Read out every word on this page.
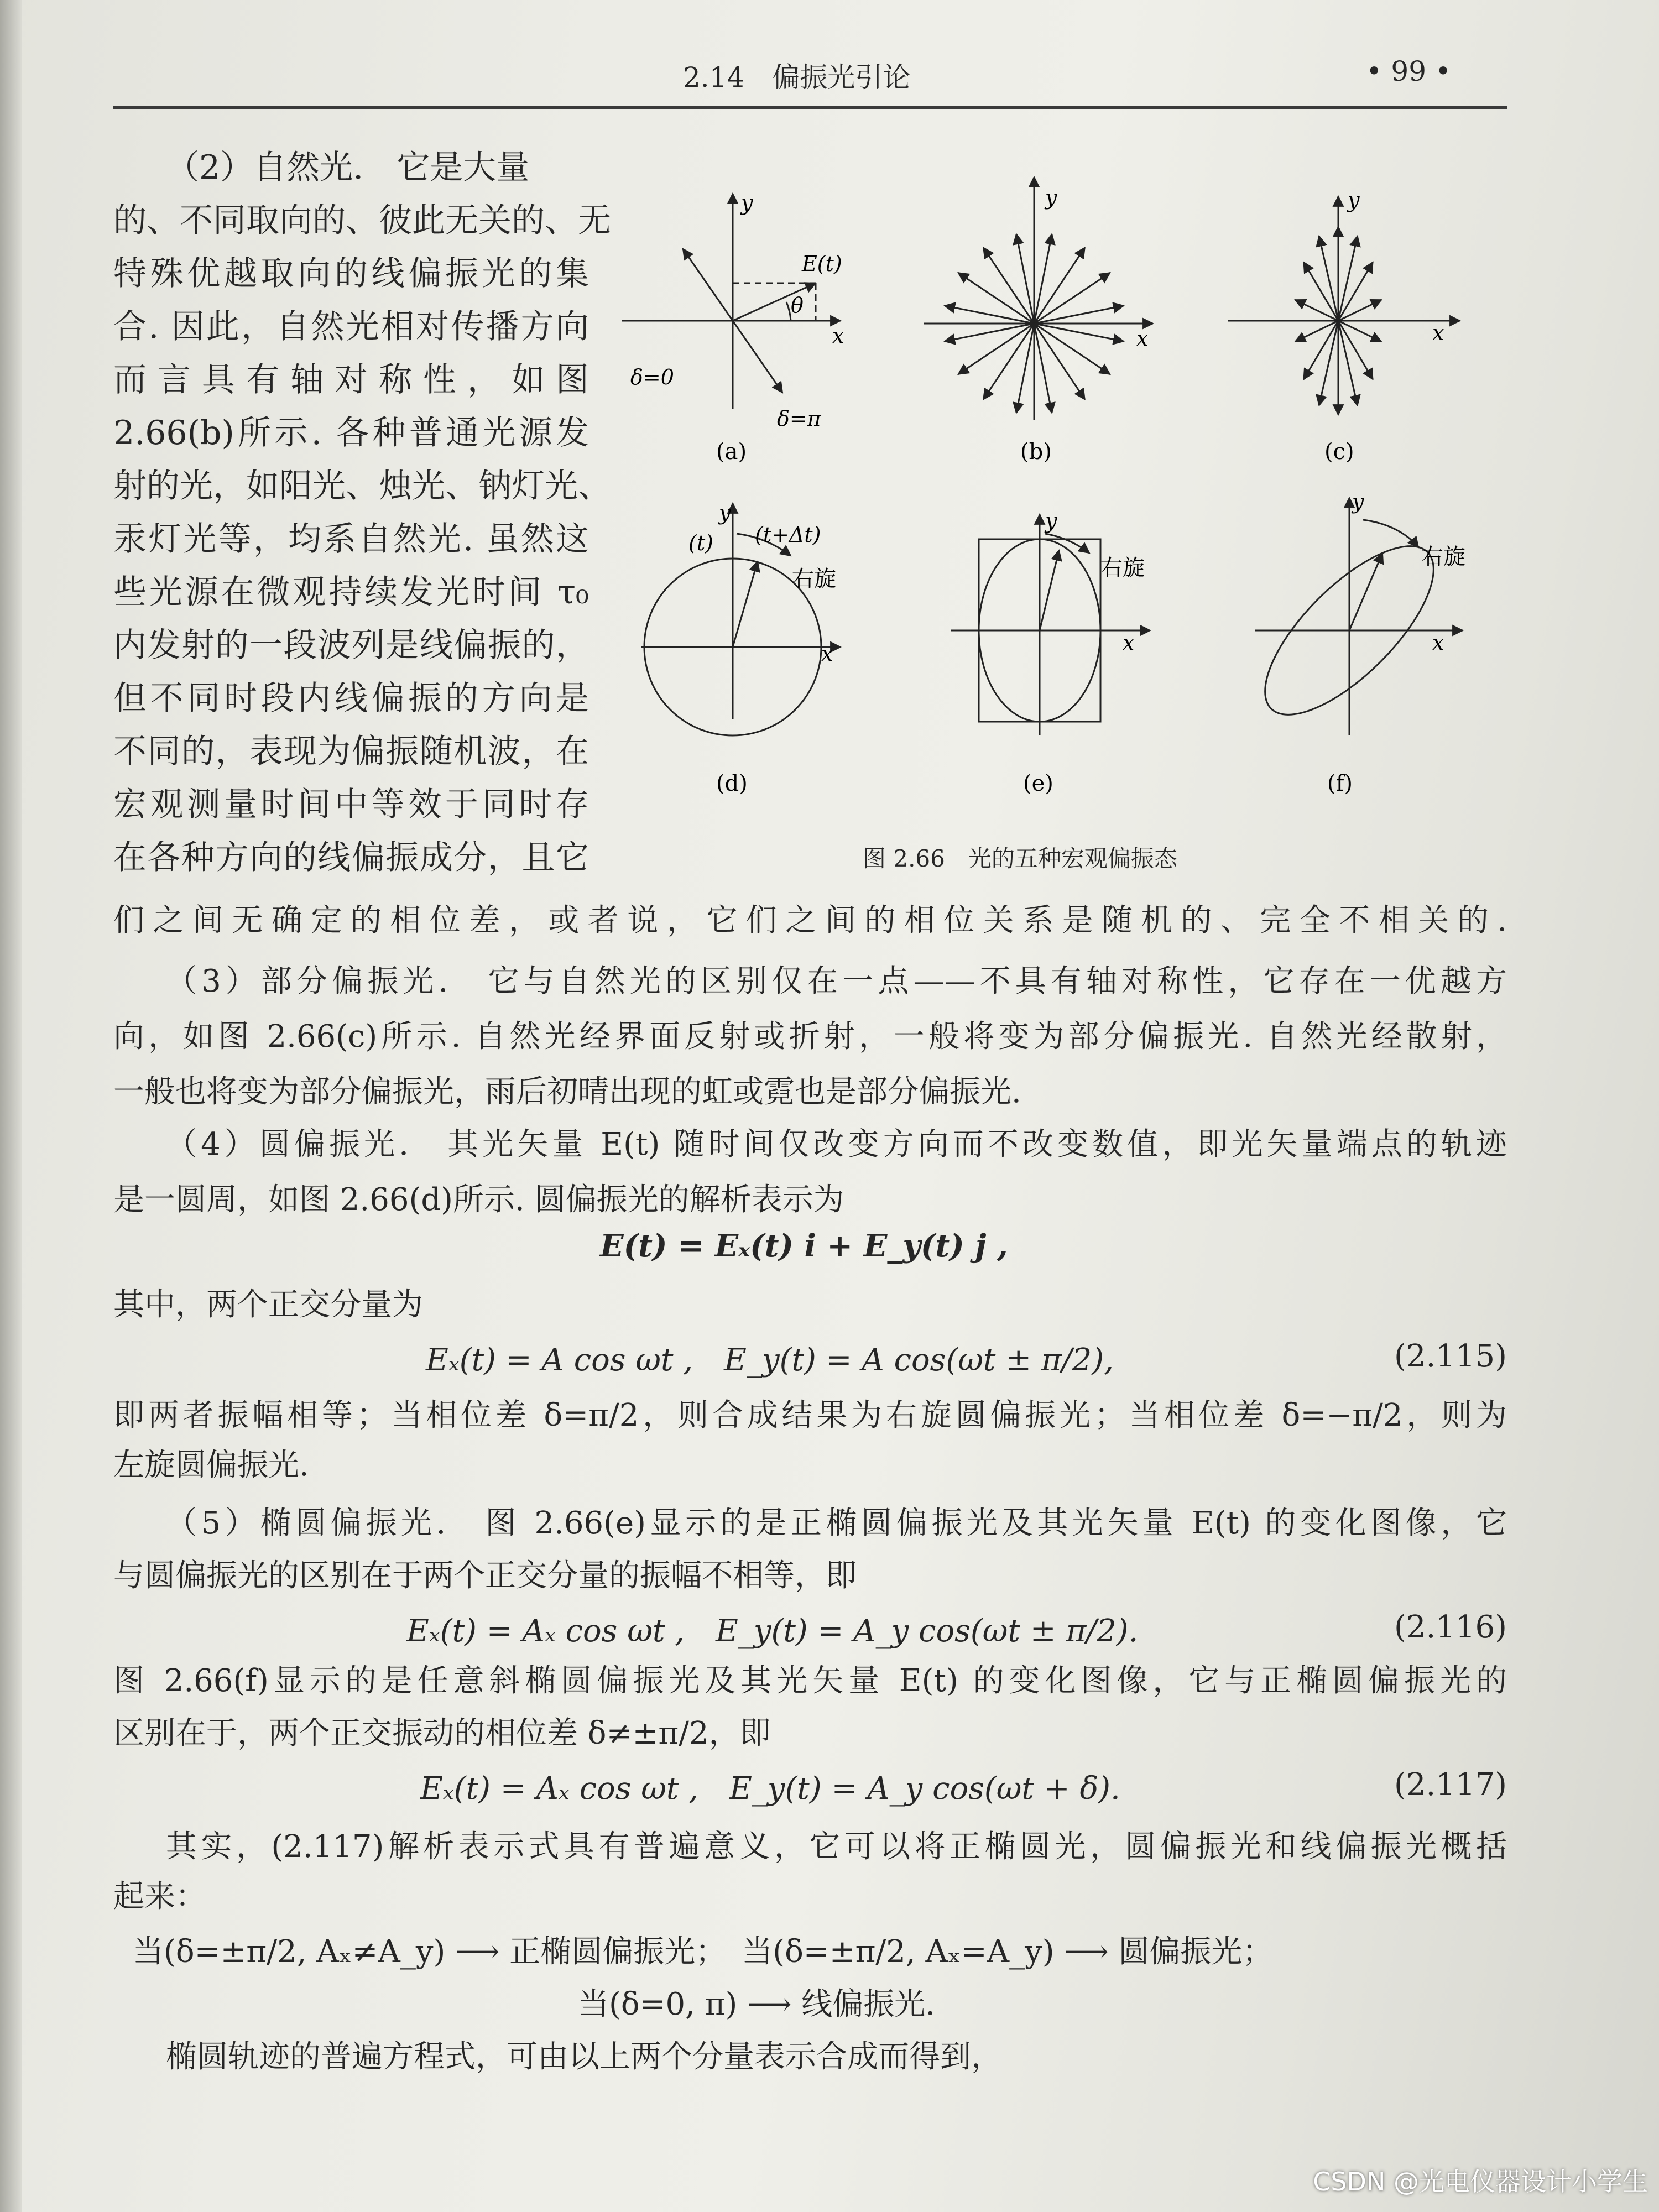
2.14　偏振光引论	• 99 •
（2）自然光.　它是大量
的、不同取向的、彼此无关的、无
特殊优越取向的线偏振光的集
合. 因此，自然光相对传播方向
而言具有轴对称性，如图
2.66(b)所示. 各种普通光源发
射的光，如阳光、烛光、钠灯光、
汞灯光等，均系自然光. 虽然这
些光源在微观持续发光时间 τ₀
内发射的一段波列是线偏振的，
但不同时段内线偏振的方向是
不同的，表现为偏振随机波，在
宏观测量时间中等效于同时存
在各种方向的线偏振成分，且它
x
y
E(t)
θ
δ=0
δ=π
(a)
x
y
(b)
x
y
(c)
x
y
(t) (t+Δt)
右旋
(d)
x
y
右旋
(e)
x
y
右旋
(f)
图 2.66　光的五种宏观偏振态
们之间无确定的相位差，或者说，它们之间的相位关系是随机的、完全不相关的.
（3）部分偏振光.　它与自然光的区别仅在一点——不具有轴对称性，它存在一优越方
向，如图 2.66(c)所示. 自然光经界面反射或折射，一般将变为部分偏振光. 自然光经散射，
一般也将变为部分偏振光，雨后初晴出现的虹或霓也是部分偏振光.
（4）圆偏振光.　其光矢量 E(t) 随时间仅改变方向而不改变数值，即光矢量端点的轨迹
是一圆周，如图 2.66(d)所示. 圆偏振光的解析表示为
E(t) = Eₓ(t) i + E_y(t) j ,
其中，两个正交分量为
Eₓ(t) = A cos ωt ,　E_y(t) = A cos(ωt ± π/2),	(2.115)
即两者振幅相等；当相位差 δ=π/2，则合成结果为右旋圆偏振光；当相位差 δ=−π/2，则为
左旋圆偏振光.
（5）椭圆偏振光.　图 2.66(e)显示的是正椭圆偏振光及其光矢量 E(t) 的变化图像，它
与圆偏振光的区别在于两个正交分量的振幅不相等，即
Eₓ(t) = Aₓ cos ωt ,　E_y(t) = A_y cos(ωt ± π/2).	(2.116)
图 2.66(f)显示的是任意斜椭圆偏振光及其光矢量 E(t) 的变化图像，它与正椭圆偏振光的
区别在于，两个正交振动的相位差 δ≠±π/2，即
Eₓ(t) = Aₓ cos ωt ,　E_y(t) = A_y cos(ωt + δ).	(2.117)
其实，(2.117)解析表示式具有普遍意义，它可以将正椭圆光，圆偏振光和线偏振光概括
起来：
当(δ=±π/2, Aₓ≠A_y) ⟶ 正椭圆偏振光；　当(δ=±π/2, Aₓ=A_y) ⟶ 圆偏振光；
当(δ=0, π) ⟶ 线偏振光.
椭圆轨迹的普遍方程式，可由以上两个分量表示合成而得到，
CSDN @光电仪器设计小学生
